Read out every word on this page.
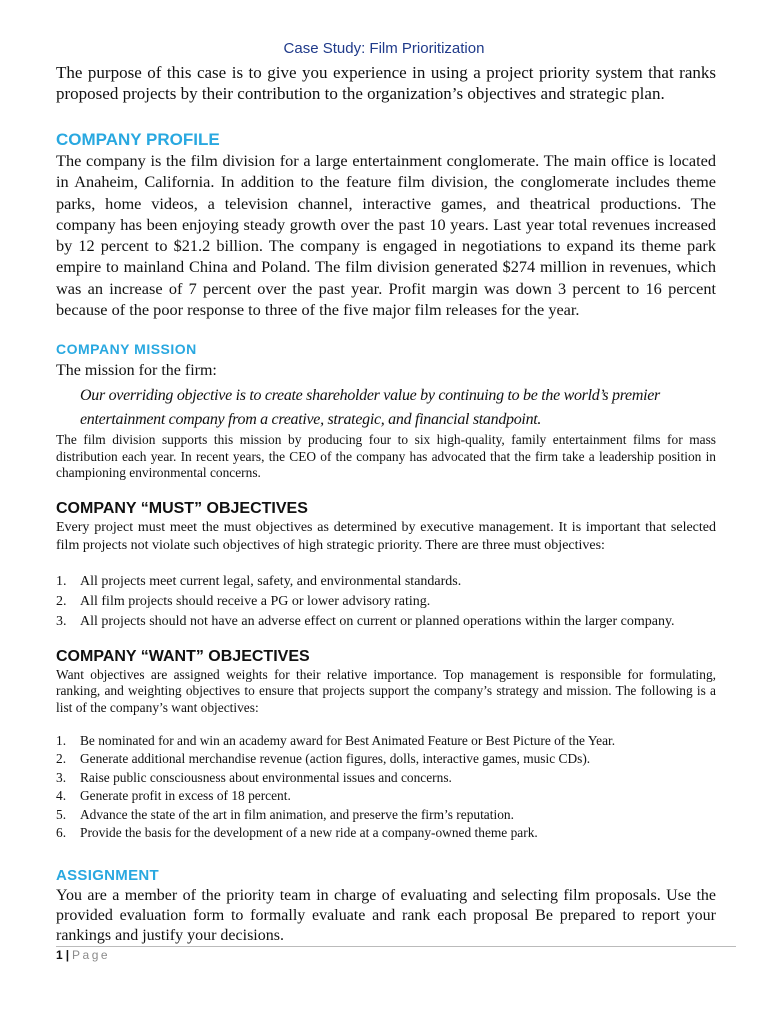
Case Study: Film Prioritization

The purpose of this case is to give you experience in using a project priority system that ranks proposed projects by their contribution to the organization’s objectives and strategic plan.

COMPANY PROFILE

The company is the film division for a large entertainment conglomerate. The main office is located in Anaheim, California. In addition to the feature film division, the conglomerate includes theme parks, home videos, a television channel, interactive games, and theatrical productions. The company has been enjoying steady growth over the past 10 years. Last year total revenues increased by 12 percent to $21.2 billion. The company is engaged in negotiations to expand its theme park empire to mainland China and Poland. The film division generated $274 million in revenues, which was an increase of 7 percent over the past year. Profit margin was down 3 percent to 16 percent because of the poor response to three of the five major film releases for the year.

COMPANY MISSION

The mission for the firm:

Our overriding objective is to create shareholder value by continuing to be the world’s premier entertainment company from a creative, strategic, and financial standpoint.

The film division supports this mission by producing four to six high-quality, family entertainment films for mass distribution each year. In recent years, the CEO of the company has advocated that the firm take a leadership position in championing environmental concerns.

COMPANY “MUST” OBJECTIVES

Every project must meet the must objectives as determined by executive management. It is important that selected film projects not violate such objectives of high strategic priority. There are three must objectives:

1. All projects meet current legal, safety, and environmental standards.
2. All film projects should receive a PG or lower advisory rating.
3. All projects should not have an adverse effect on current or planned operations within the larger company.
COMPANY “WANT” OBJECTIVES

Want objectives are assigned weights for their relative importance. Top management is responsible for formulating, ranking, and weighting objectives to ensure that projects support the company’s strategy and mission. The following is a list of the company’s want objectives:

1. Be nominated for and win an academy award for Best Animated Feature or Best Picture of the Year.
2. Generate additional merchandise revenue (action figures, dolls, interactive games, music CDs).
3. Raise public consciousness about environmental issues and concerns.
4. Generate profit in excess of 18 percent.
5. Advance the state of the art in film animation, and preserve the firm’s reputation.
6. Provide the basis for the development of a new ride at a company-owned theme park.
ASSIGNMENT

You are a member of the priority team in charge of evaluating and selecting film proposals. Use the provided evaluation form to formally evaluate and rank each proposal Be prepared to report your rankings and justify your decisions.

1 | Page
